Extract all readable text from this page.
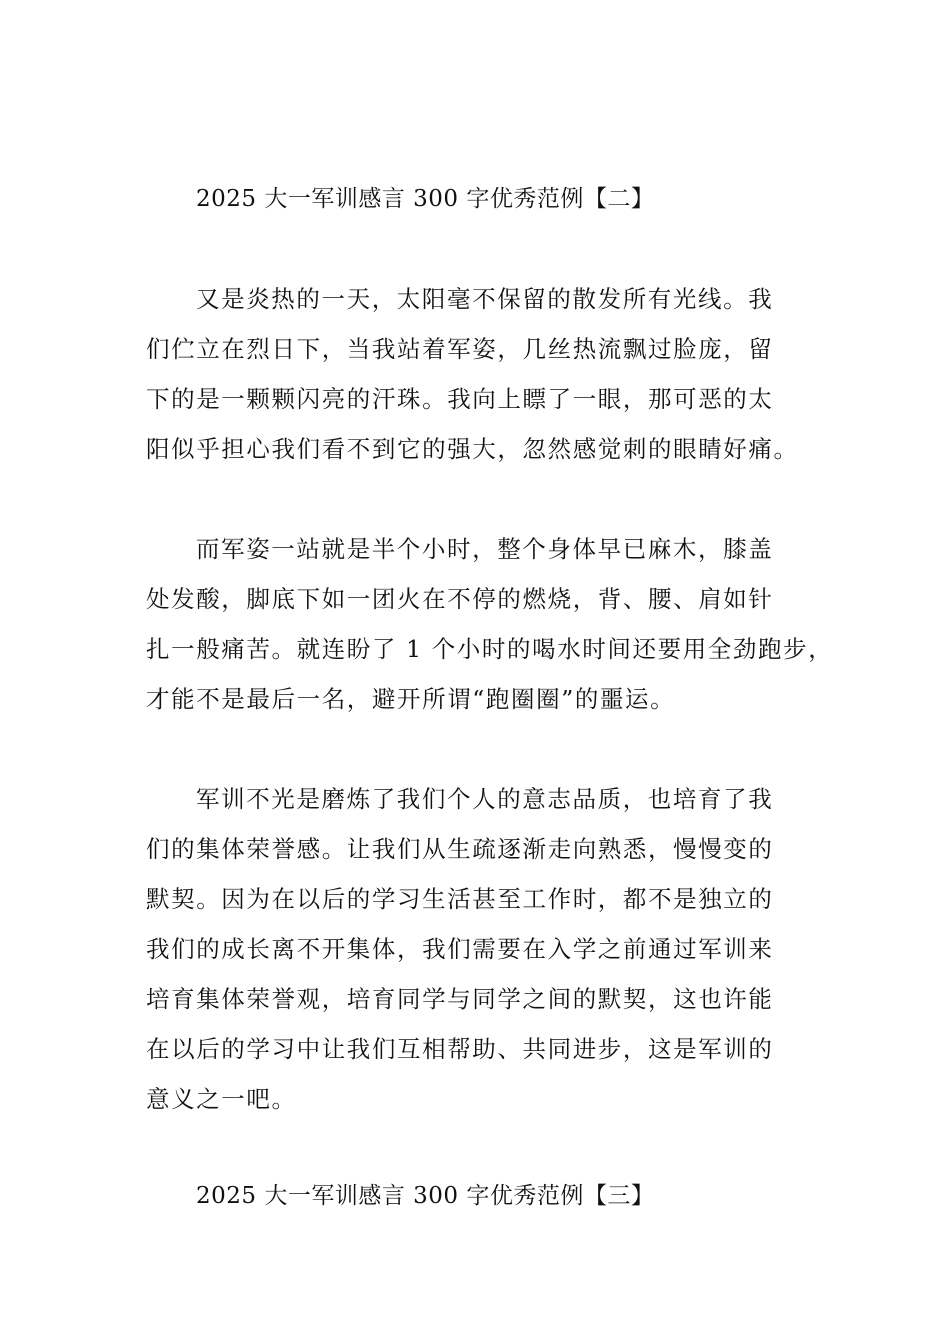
2025 大一军训感言 300 字优秀范例【二】
又是炎热的一天，太阳毫不保留的散发所有光线。我
们伫立在烈日下，当我站着军姿，几丝热流飘过脸庞，留
下的是一颗颗闪亮的汗珠。我向上瞟了一眼，那可恶的太
阳似乎担心我们看不到它的强大，忽然感觉刺的眼睛好痛。
而军姿一站就是半个小时，整个身体早已麻木，膝盖
处发酸，脚底下如一团火在不停的燃烧，背、腰、肩如针
扎一般痛苦。就连盼了 1 个小时的喝水时间还要用全劲跑步，
才能不是最后一名，避开所谓“跑圈圈”的噩运。
军训不光是磨炼了我们个人的意志品质，也培育了我
们的集体荣誉感。让我们从生疏逐渐走向熟悉，慢慢变的
默契。因为在以后的学习生活甚至工作时，都不是独立的
我们的成长离不开集体，我们需要在入学之前通过军训来
培育集体荣誉观，培育同学与同学之间的默契，这也许能
在以后的学习中让我们互相帮助、共同进步，这是军训的
意义之一吧。
2025 大一军训感言 300 字优秀范例【三】
